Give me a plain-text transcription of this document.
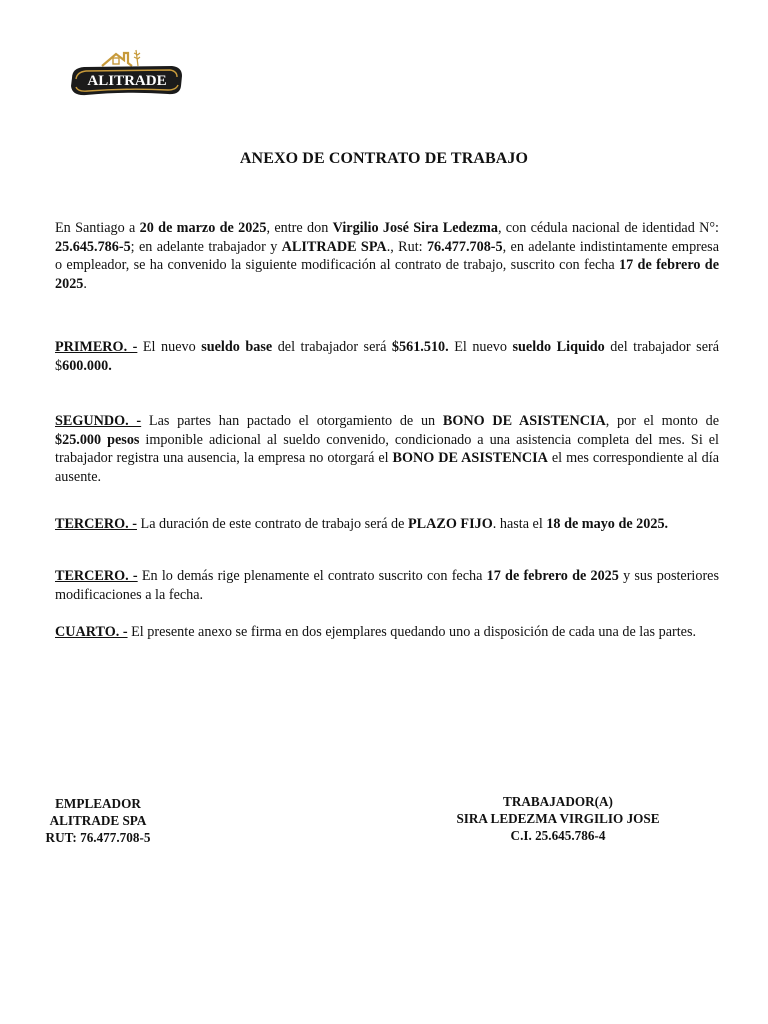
ALITRADE
ANEXO DE CONTRATO DE TRABAJO

En Santiago a 20 de marzo de 2025, entre don Virgilio José Sira Ledezma, con cédula nacional de identidad N°: 25.645.786-5; en adelante trabajador y ALITRADE SPA., Rut: 76.477.708-5, en adelante indistintamente empresa o empleador, se ha convenido la siguiente modificación al contrato de trabajo, suscrito con fecha 17 de febrero de 2025.

PRIMERO. - El nuevo sueldo base del trabajador será $561.510. El nuevo sueldo Liquido del trabajador será $600.000.

SEGUNDO. - Las partes han pactado el otorgamiento de un BONO DE ASISTENCIA, por el monto de $25.000 pesos imponible adicional al sueldo convenido, condicionado a una asistencia completa del mes. Si el trabajador registra una ausencia, la empresa no otorgará el BONO DE ASISTENCIA el mes correspondiente al día ausente.

TERCERO. - La duración de este contrato de trabajo será de PLAZO FIJO. hasta el 18 de mayo de 2025.

TERCERO. - En lo demás rige plenamente el contrato suscrito con fecha 17 de febrero de 2025 y sus posteriores modificaciones a la fecha.

CUARTO. - El presente anexo se firma en dos ejemplares quedando uno a disposición de cada una de las partes.

EMPLEADOR
ALITRADE SPA
RUT: 76.477.708-5
TRABAJADOR(A)
SIRA LEDEZMA VIRGILIO JOSE
C.I. 25.645.786-4
